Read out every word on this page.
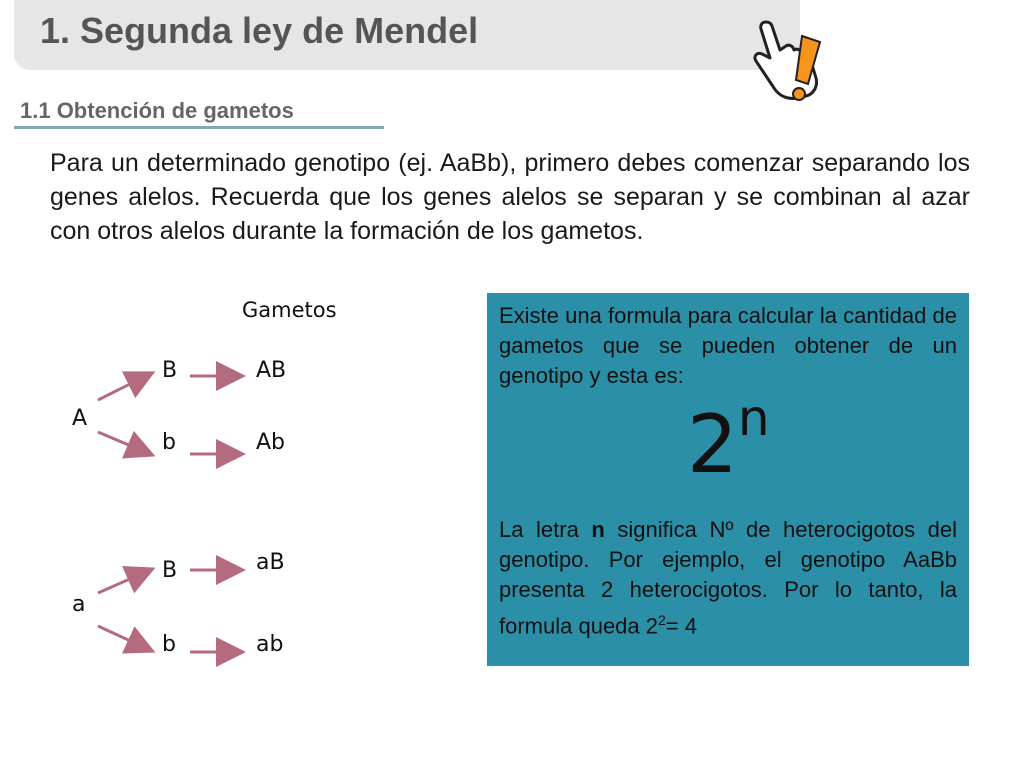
1. Segunda ley de Mendel
1.1 Obtención de gametos

Para un determinado genotipo (ej. AaBb), primero debes comenzar separando los genes alelos. Recuerda que los genes alelos se separan y se combinan al azar con otros alelos durante la formación de los gametos.

Gametos
A
B
b
AB
Ab
a
B
b
aB
ab

Existe una formula para calcular la cantidad de gametos que se pueden obtener de un genotipo y esta es:

2$^n$

La letra n significa Nº de heterocigotos del genotipo. Por ejemplo, el genotipo AaBb presenta 2 heterocigotos. Por lo tanto, la formula queda $2^2= 4$
